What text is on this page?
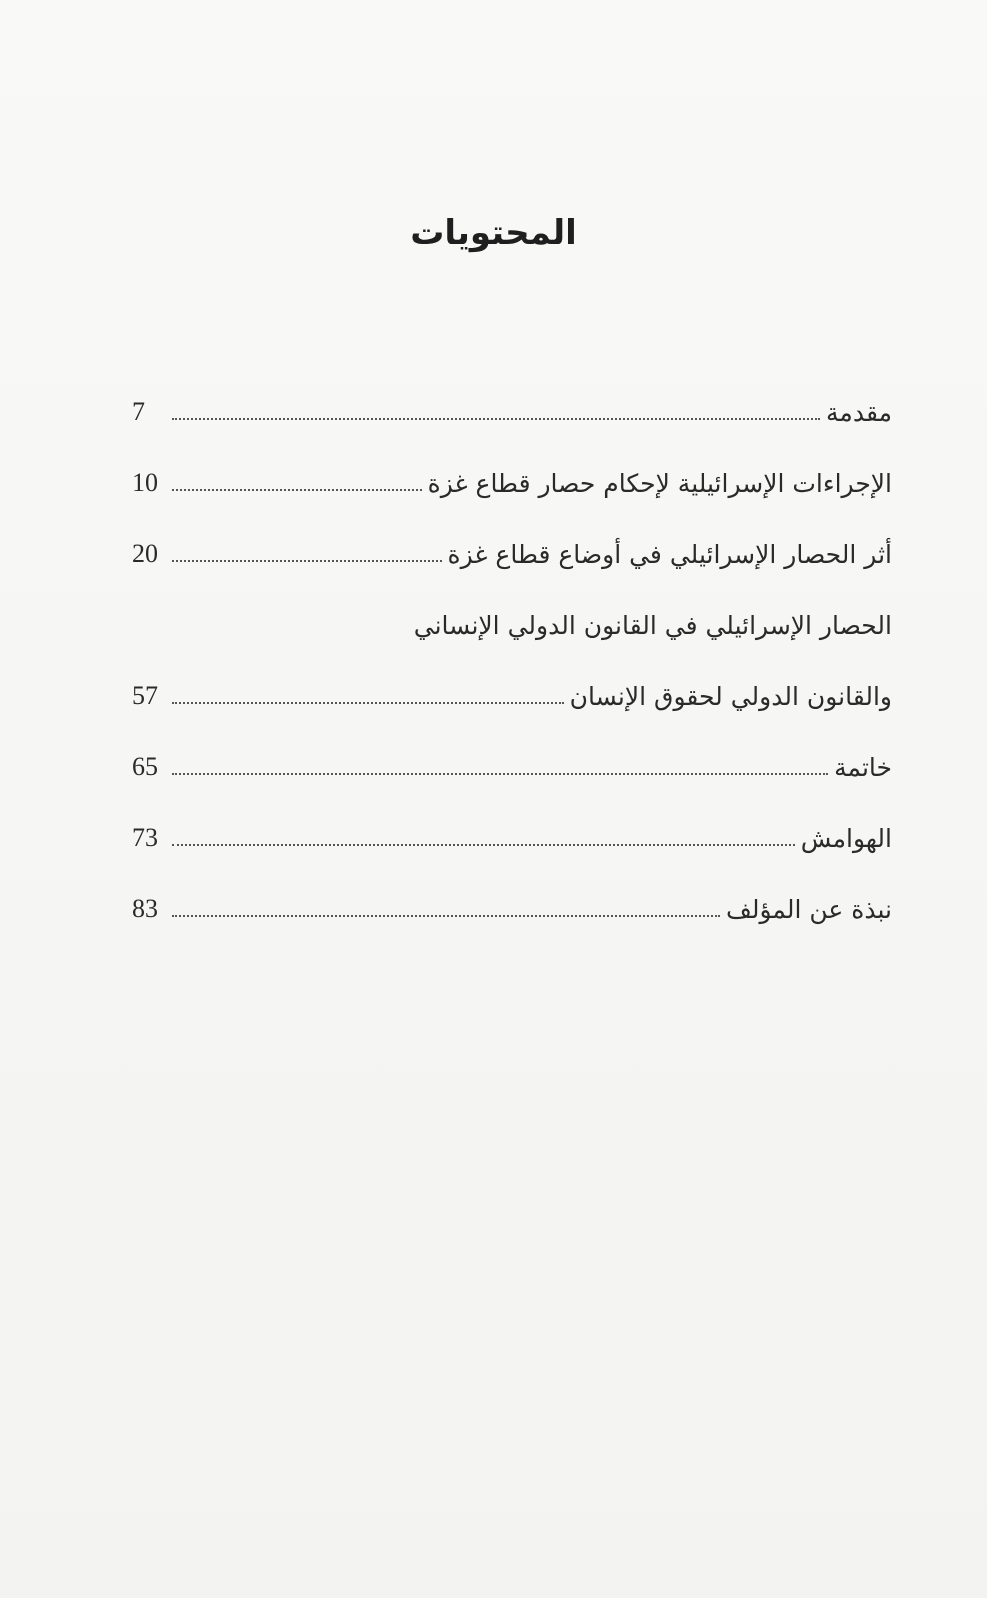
المحتويات
7	مقدمة
10	الإجراءات الإسرائيلية لإحكام حصار قطاع غزة
20	أثر الحصار الإسرائيلي في أوضاع قطاع غزة
الحصار الإسرائيلي في القانون الدولي الإنساني
57	والقانون الدولي لحقوق الإنسان
65	خاتمة
73	الهوامش
83	نبذة عن المؤلف
